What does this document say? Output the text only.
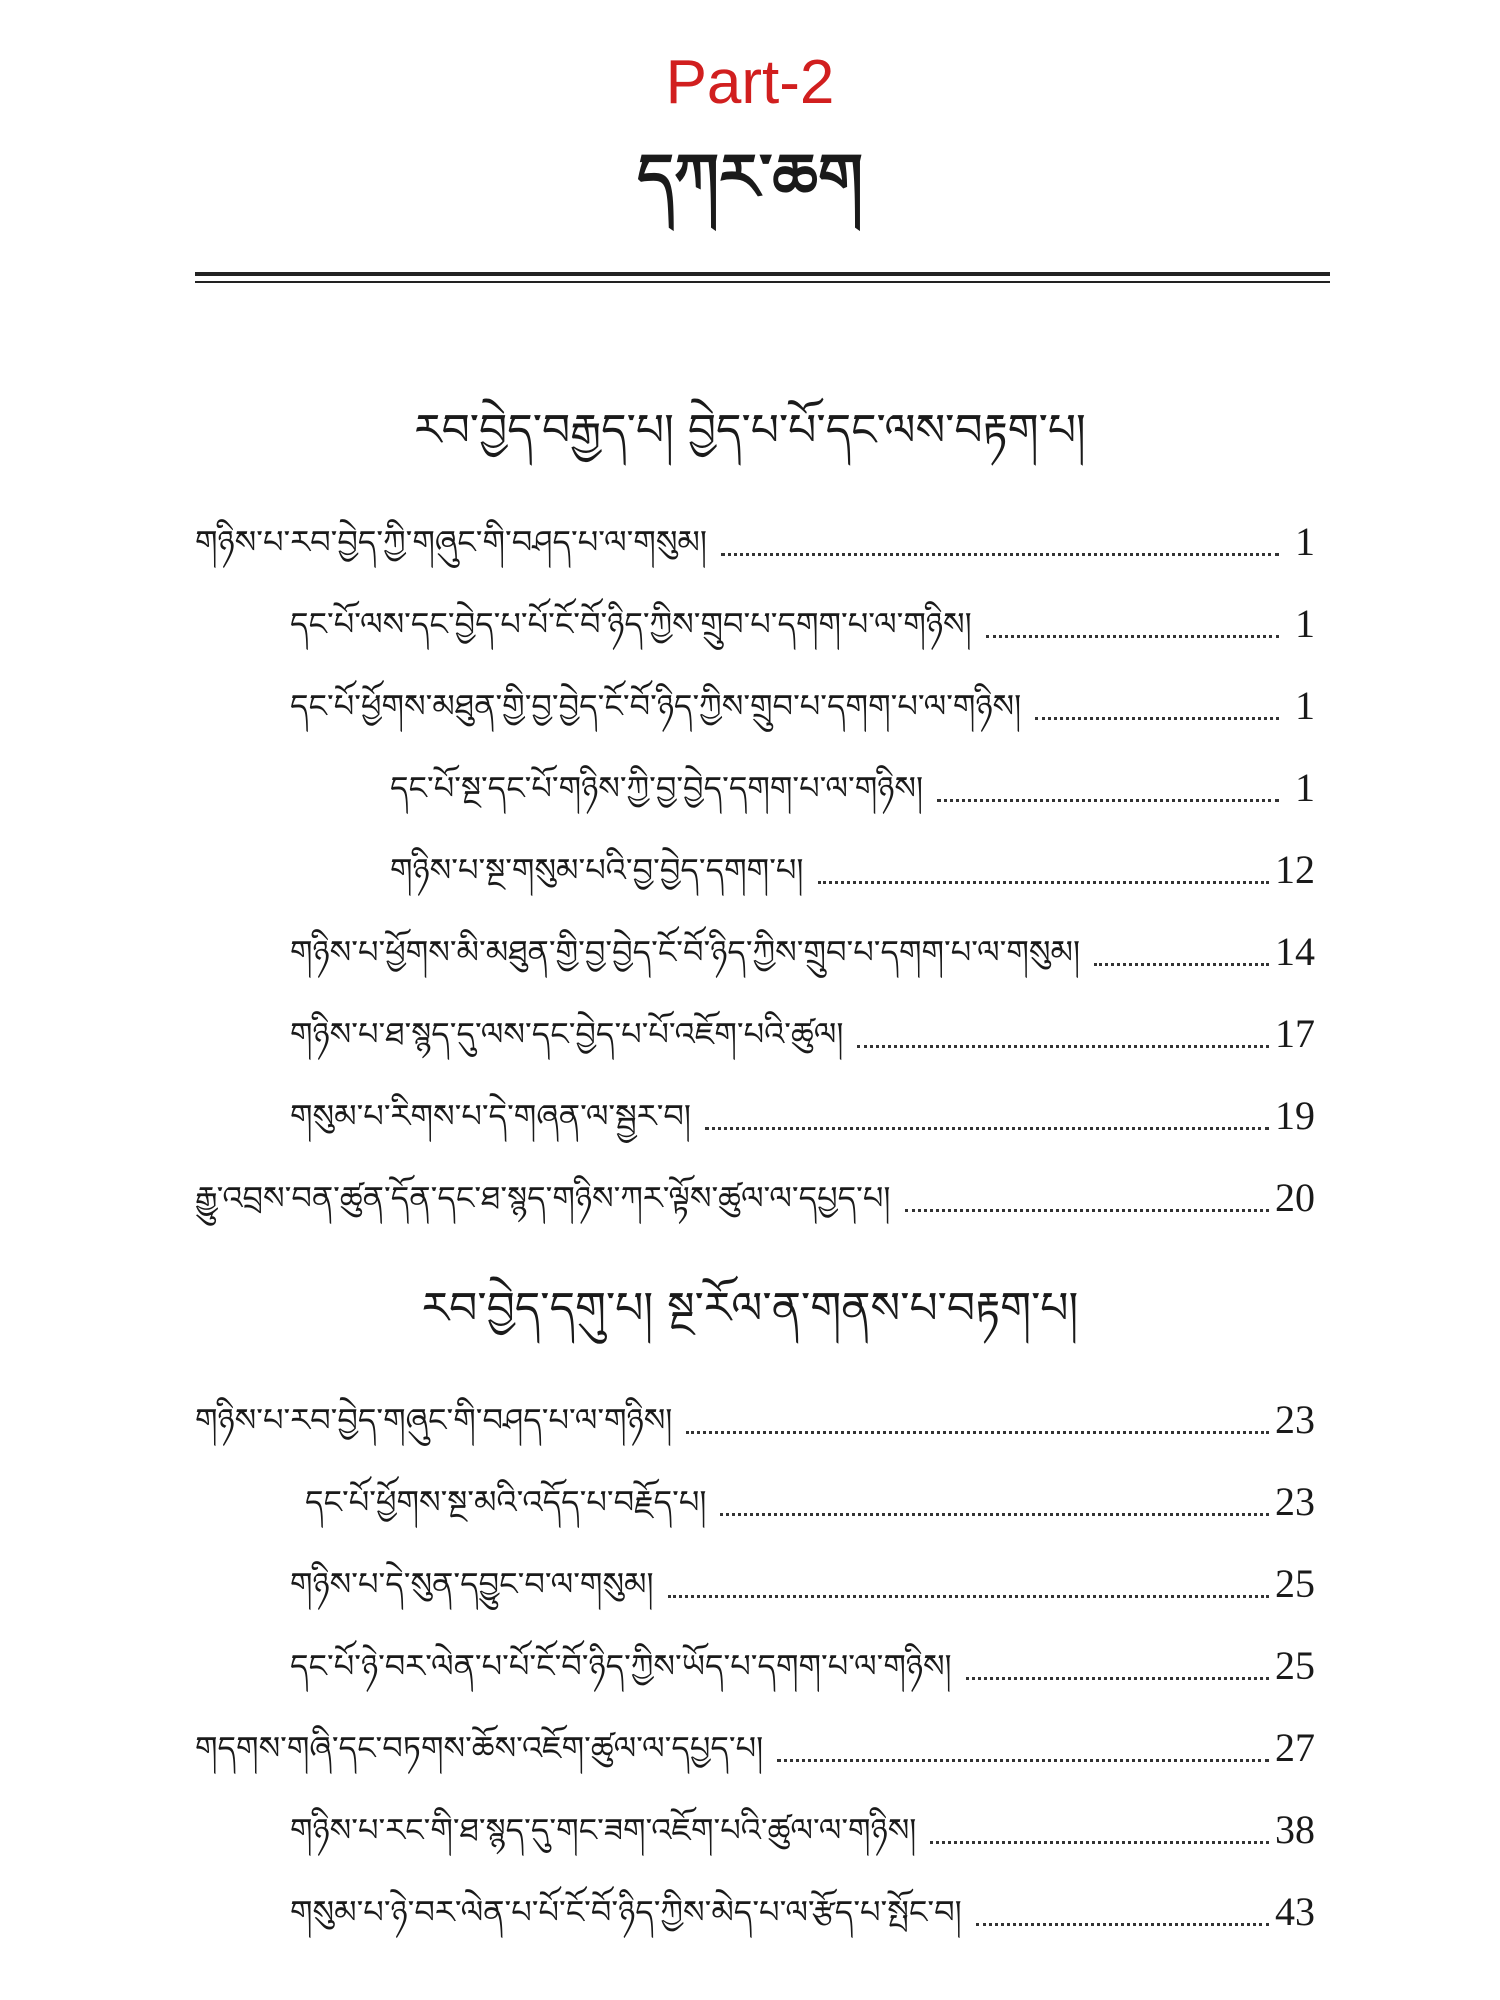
Part-2
དཀར་ཆག
རབ་བྱེད་བརྒྱད་པ། བྱེད་པ་པོ་དང་ལས་བརྟག་པ།
གཉིས་པ་རབ་བྱེད་ཀྱི་གཞུང་གི་བཤད་པ་ལ་གསུམ།	1
དང་པོ་ལས་དང་བྱེད་པ་པོ་ངོ་བོ་ཉིད་ཀྱིས་གྲུབ་པ་དགག་པ་ལ་གཉིས།	1
དང་པོ་ཕྱོགས་མཐུན་གྱི་བྱ་བྱེད་ངོ་བོ་ཉིད་ཀྱིས་གྲུབ་པ་དགག་པ་ལ་གཉིས།	1
དང་པོ་སྔ་དང་པོ་གཉིས་ཀྱི་བྱ་བྱེད་དགག་པ་ལ་གཉིས།	1
གཉིས་པ་སྔ་གསུམ་པའི་བྱ་བྱེད་དགག་པ།	12
གཉིས་པ་ཕྱོགས་མི་མཐུན་གྱི་བྱ་བྱེད་ངོ་བོ་ཉིད་ཀྱིས་གྲུབ་པ་དགག་པ་ལ་གསུམ།	14
གཉིས་པ་ཐ་སྙད་དུ་ལས་དང་བྱེད་པ་པོ་འཇོག་པའི་ཚུལ།	17
གསུམ་པ་རིགས་པ་དེ་གཞན་ལ་སྦྱར་བ།	19
རྒྱུ་འབྲས་བན་ཚུན་དོན་དང་ཐ་སྙད་གཉིས་ཀར་ལྟོས་ཚུལ་ལ་དཔྱད་པ།	20
གཉིས་པ་རབ་བྱེད་གཞུང་གི་བཤད་པ་ལ་གཉིས།	23
དང་པོ་ཕྱོགས་སྔ་མའི་འདོད་པ་བརྗོད་པ།	23
གཉིས་པ་དེ་སུན་དབྱུང་བ་ལ་གསུམ།	25
དང་པོ་ཉེ་བར་ལེན་པ་པོ་ངོ་བོ་ཉིད་ཀྱིས་ཡོད་པ་དགག་པ་ལ་གཉིས།	25
གདགས་གཞི་དང་བཏགས་ཆོས་འཇོག་ཚུལ་ལ་དཔྱད་པ།	27
གཉིས་པ་རང་གི་ཐ་སྙད་དུ་གང་ཟག་འཇོག་པའི་ཚུལ་ལ་གཉིས།	38
གསུམ་པ་ཉེ་བར་ལེན་པ་པོ་ངོ་བོ་ཉིད་ཀྱིས་མེད་པ་ལ་རྩོད་པ་སྤོང་བ།	43
རབ་བྱེད་དགུ་པ། སྔ་རོལ་ན་གནས་པ་བརྟག་པ།
